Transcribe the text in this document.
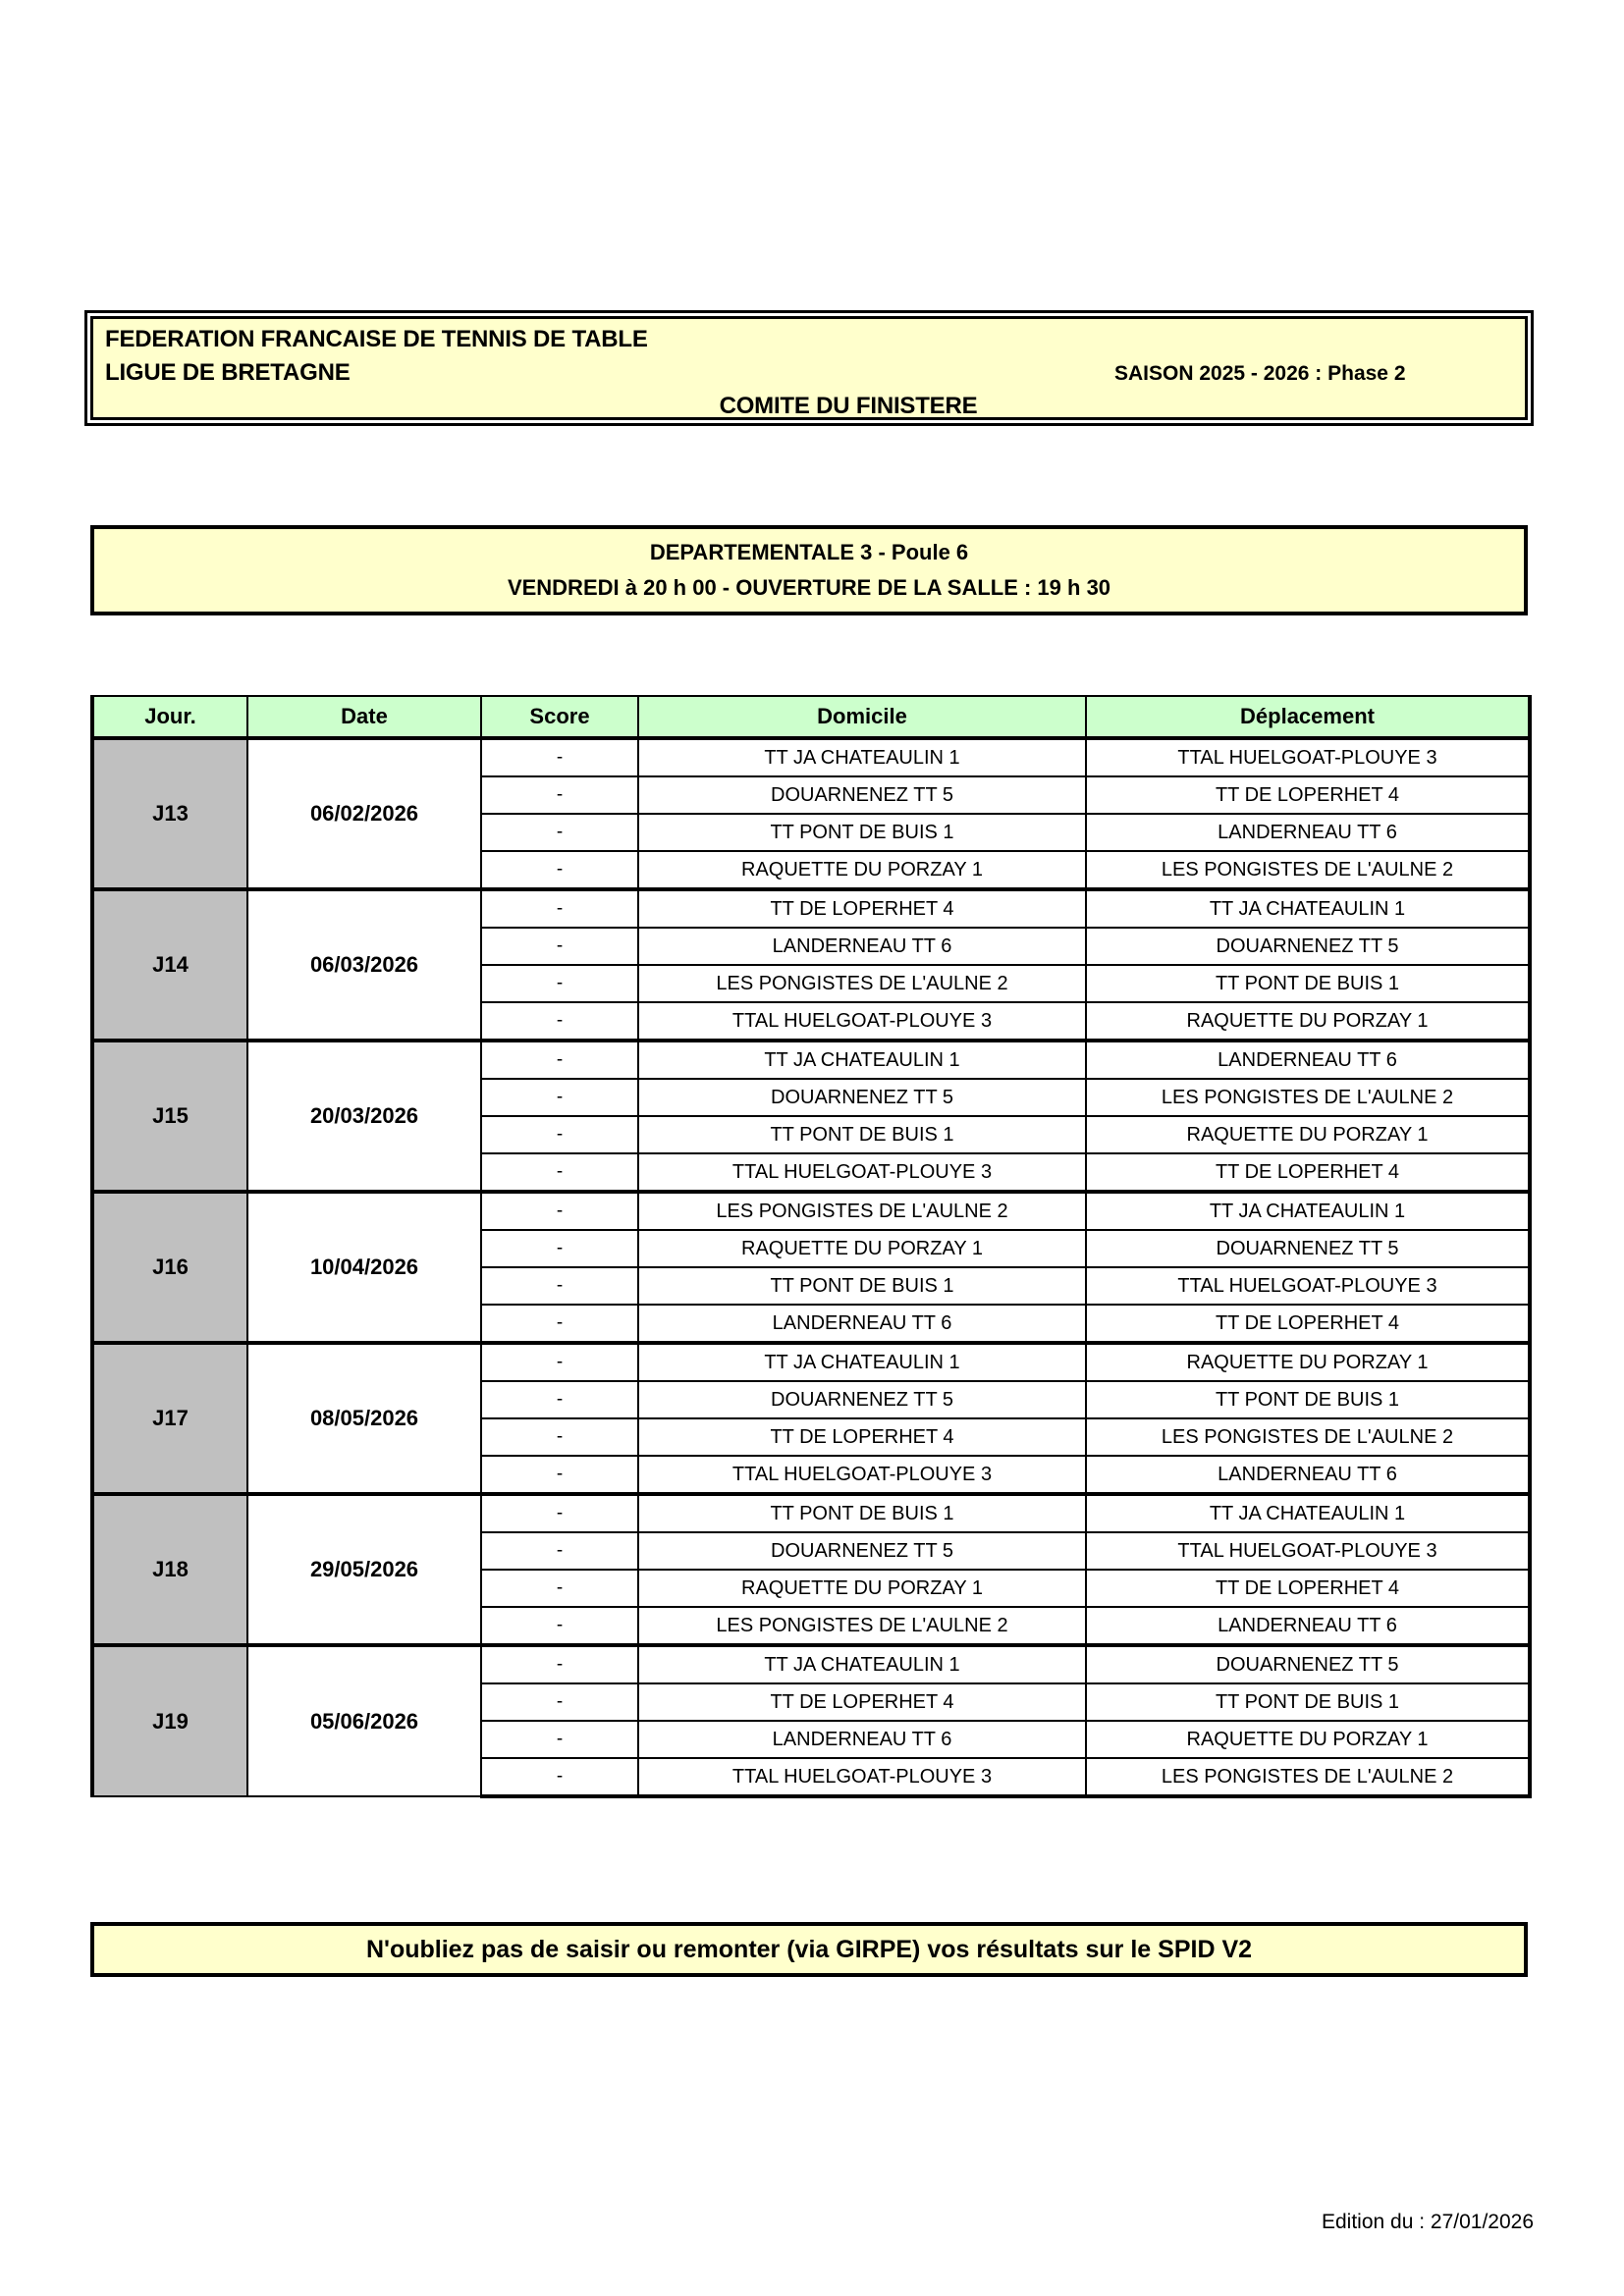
FEDERATION FRANCAISE DE TENNIS DE TABLE
LIGUE DE BRETAGNE	SAISON 2025 - 2026 : Phase 2
COMITE DU FINISTERE
DEPARTEMENTALE 3 - Poule 6
VENDREDI à 20 h 00 - OUVERTURE DE LA SALLE : 19 h 30
Jour.	Date	Score	Domicile	Déplacement
J13	06/02/2026	-	TT JA CHATEAULIN 1	TTAL HUELGOAT-PLOUYE 3
		-	DOUARNENEZ TT 5	TT DE LOPERHET 4
		-	TT PONT DE BUIS 1	LANDERNEAU TT 6
		-	RAQUETTE DU PORZAY 1	LES PONGISTES DE L'AULNE 2
J14	06/03/2026	-	TT DE LOPERHET 4	TT JA CHATEAULIN 1
		-	LANDERNEAU TT 6	DOUARNENEZ TT 5
		-	LES PONGISTES DE L'AULNE 2	TT PONT DE BUIS 1
		-	TTAL HUELGOAT-PLOUYE 3	RAQUETTE DU PORZAY 1
J15	20/03/2026	-	TT JA CHATEAULIN 1	LANDERNEAU TT 6
		-	DOUARNENEZ TT 5	LES PONGISTES DE L'AULNE 2
		-	TT PONT DE BUIS 1	RAQUETTE DU PORZAY 1
		-	TTAL HUELGOAT-PLOUYE 3	TT DE LOPERHET 4
J16	10/04/2026	-	LES PONGISTES DE L'AULNE 2	TT JA CHATEAULIN 1
		-	RAQUETTE DU PORZAY 1	DOUARNENEZ TT 5
		-	TT PONT DE BUIS 1	TTAL HUELGOAT-PLOUYE 3
		-	LANDERNEAU TT 6	TT DE LOPERHET 4
J17	08/05/2026	-	TT JA CHATEAULIN 1	RAQUETTE DU PORZAY 1
		-	DOUARNENEZ TT 5	TT PONT DE BUIS 1
		-	TT DE LOPERHET 4	LES PONGISTES DE L'AULNE 2
		-	TTAL HUELGOAT-PLOUYE 3	LANDERNEAU TT 6
J18	29/05/2026	-	TT PONT DE BUIS 1	TT JA CHATEAULIN 1
		-	DOUARNENEZ TT 5	TTAL HUELGOAT-PLOUYE 3
		-	RAQUETTE DU PORZAY 1	TT DE LOPERHET 4
		-	LES PONGISTES DE L'AULNE 2	LANDERNEAU TT 6
J19	05/06/2026	-	TT JA CHATEAULIN 1	DOUARNENEZ TT 5
		-	TT DE LOPERHET 4	TT PONT DE BUIS 1
		-	LANDERNEAU TT 6	RAQUETTE DU PORZAY 1
		-	TTAL HUELGOAT-PLOUYE 3	LES PONGISTES DE L'AULNE 2
N'oubliez pas de saisir ou remonter (via GIRPE) vos résultats sur le SPID V2
Edition du : 27/01/2026
